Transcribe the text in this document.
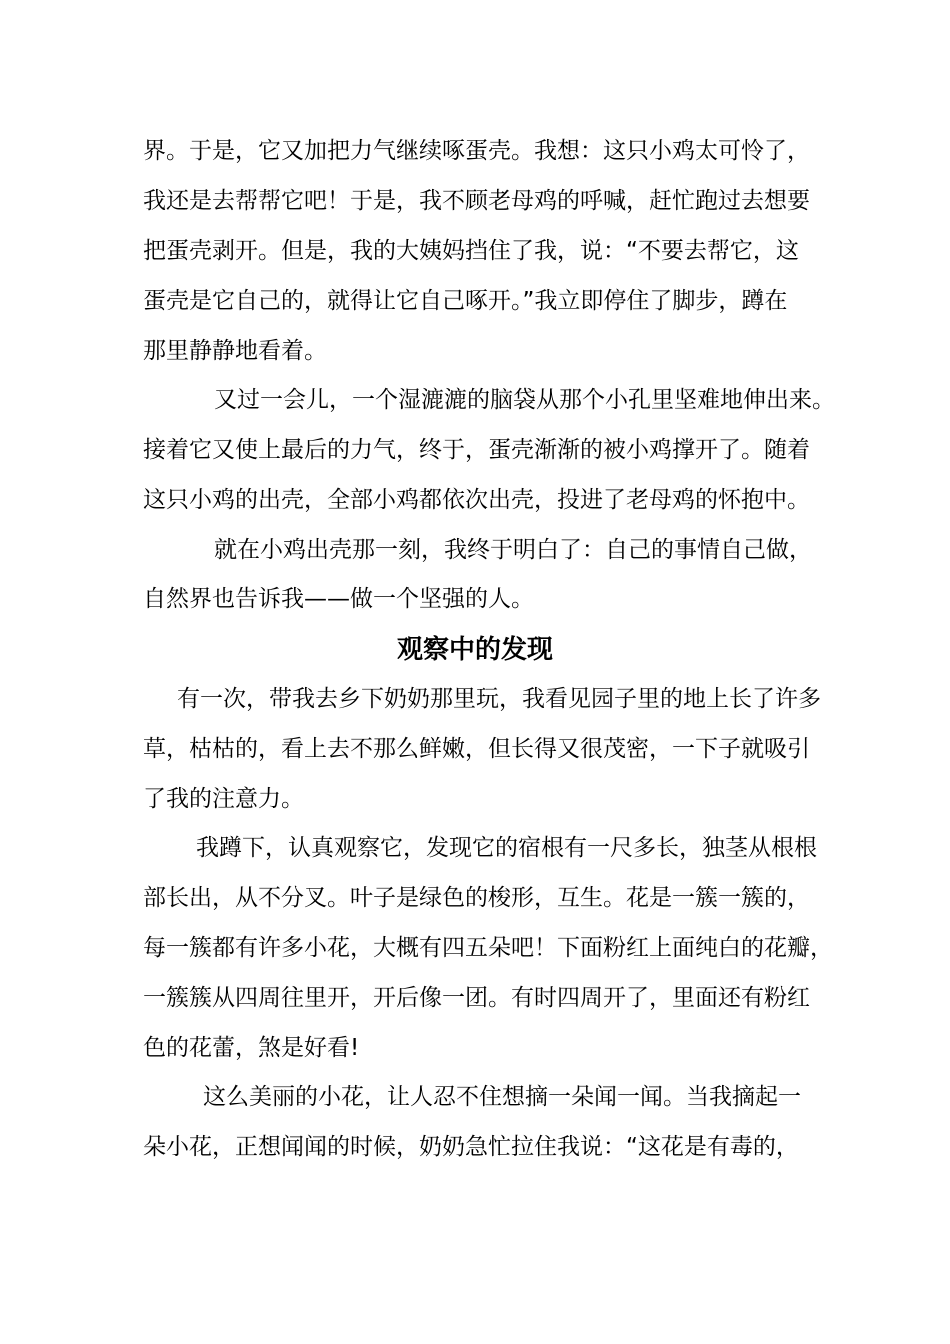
界。于是，它又加把力气继续啄蛋壳。我想：这只小鸡太可怜了，
我还是去帮帮它吧！于是，我不顾老母鸡的呼喊，赶忙跑过去想要
把蛋壳剥开。但是，我的大姨妈挡住了我，说：“不要去帮它，这
蛋壳是它自己的，就得让它自己啄开。”我立即停住了脚步，蹲在
那里静静地看着。
又过一会儿，一个湿漉漉的脑袋从那个小孔里坚难地伸出来。
接着它又使上最后的力气，终于，蛋壳渐渐的被小鸡撑开了。随着
这只小鸡的出壳，全部小鸡都依次出壳，投进了老母鸡的怀抱中。
就在小鸡出壳那一刻，我终于明白了：自己的事情自己做，
自然界也告诉我——做一个坚强的人。
观察中的发现
有一次，带我去乡下奶奶那里玩，我看见园子里的地上长了许多
草，枯枯的，看上去不那么鲜嫩，但长得又很茂密，一下子就吸引
了我的注意力。
我蹲下，认真观察它，发现它的宿根有一尺多长，独茎从根根
部长出，从不分叉。叶子是绿色的梭形，互生。花是一簇一簇的，
每一簇都有许多小花，大概有四五朵吧！下面粉红上面纯白的花瓣，
一簇簇从四周往里开，开后像一团。有时四周开了，里面还有粉红
色的花蕾，煞是好看!
这么美丽的小花，让人忍不住想摘一朵闻一闻。当我摘起一
朵小花，正想闻闻的时候，奶奶急忙拉住我说：“这花是有毒的，
